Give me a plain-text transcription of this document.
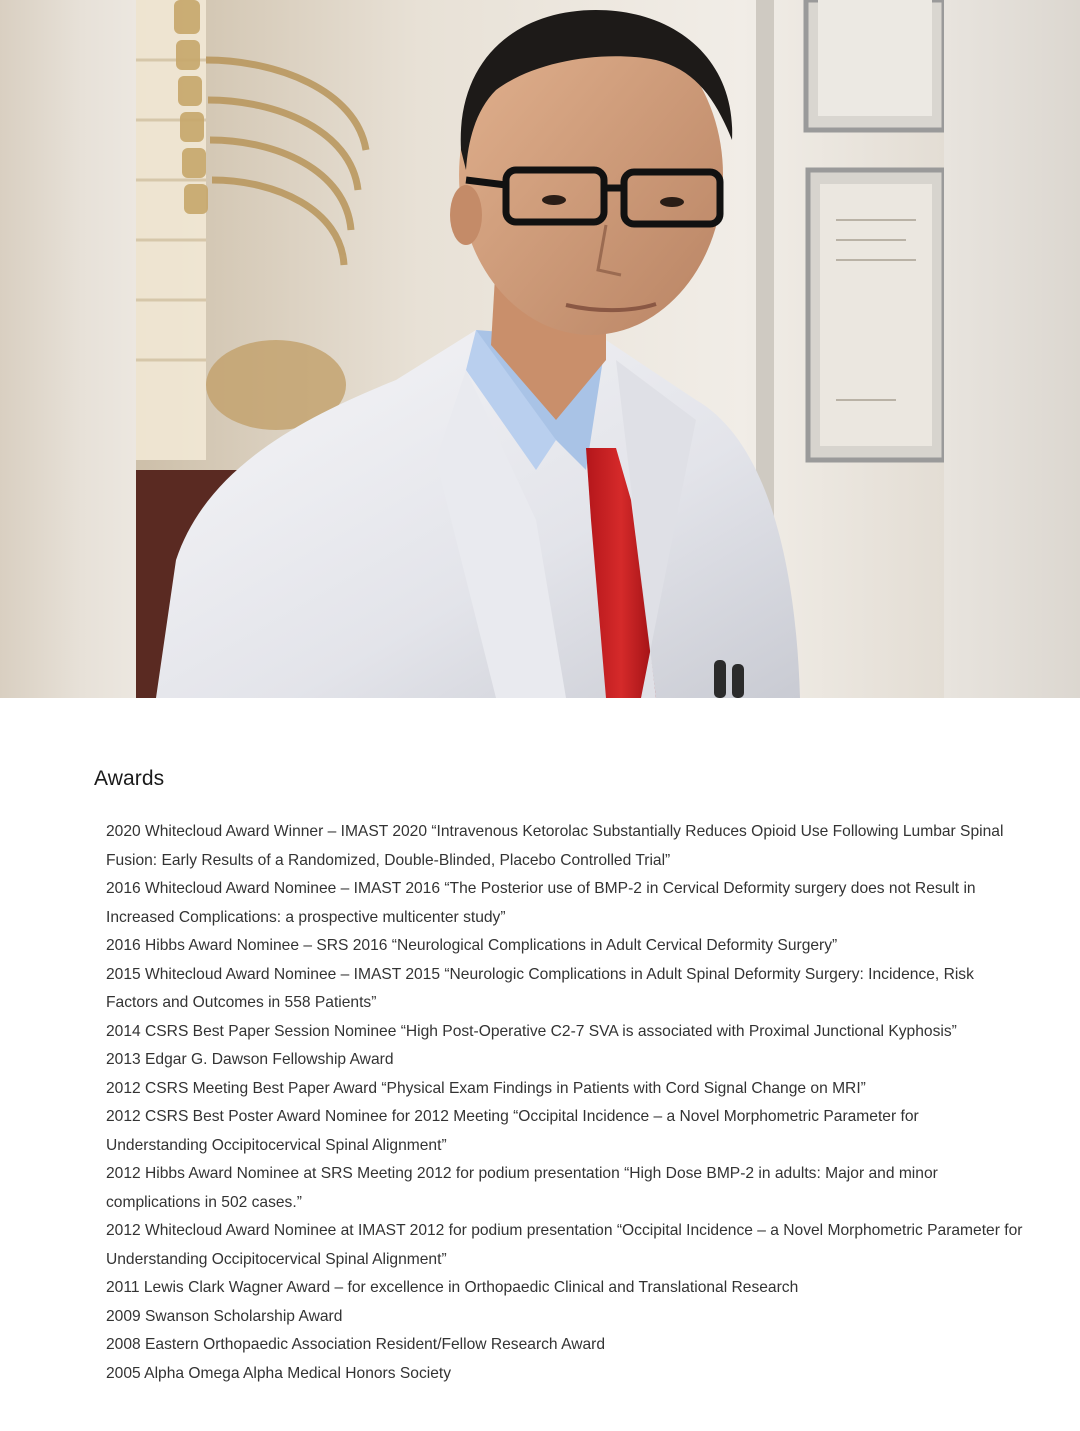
Awards
2020 Whitecloud Award Winner – IMAST 2020 “Intravenous Ketorolac Substantially Reduces Opioid Use Following Lumbar Spinal Fusion: Early Results of a Randomized, Double-Blinded, Placebo Controlled Trial”
2016 Whitecloud Award Nominee – IMAST 2016 “The Posterior use of BMP-2 in Cervical Deformity surgery does not Result in Increased Complications: a prospective multicenter study”
2016 Hibbs Award Nominee – SRS 2016 “Neurological Complications in Adult Cervical Deformity Surgery”
2015 Whitecloud Award Nominee – IMAST 2015 “Neurologic Complications in Adult Spinal Deformity Surgery: Incidence, Risk Factors and Outcomes in 558 Patients”
2014 CSRS Best Paper Session Nominee “High Post-Operative C2-7 SVA is associated with Proximal Junctional Kyphosis”
2013 Edgar G. Dawson Fellowship Award
2012 CSRS Meeting Best Paper Award “Physical Exam Findings in Patients with Cord Signal Change on MRI”
2012 CSRS Best Poster Award Nominee for 2012 Meeting “Occipital Incidence – a Novel Morphometric Parameter for Understanding Occipitocervical Spinal Alignment”
2012 Hibbs Award Nominee at SRS Meeting 2012 for podium presentation “High Dose BMP-2 in adults: Major and minor complications in 502 cases.”
2012 Whitecloud Award Nominee at IMAST 2012 for podium presentation “Occipital Incidence – a Novel Morphometric Parameter for Understanding Occipitocervical Spinal Alignment”
2011 Lewis Clark Wagner Award – for excellence in Orthopaedic Clinical and Translational Research
2009 Swanson Scholarship Award
2008 Eastern Orthopaedic Association Resident/Fellow Research Award
2005 Alpha Omega Alpha Medical Honors Society
